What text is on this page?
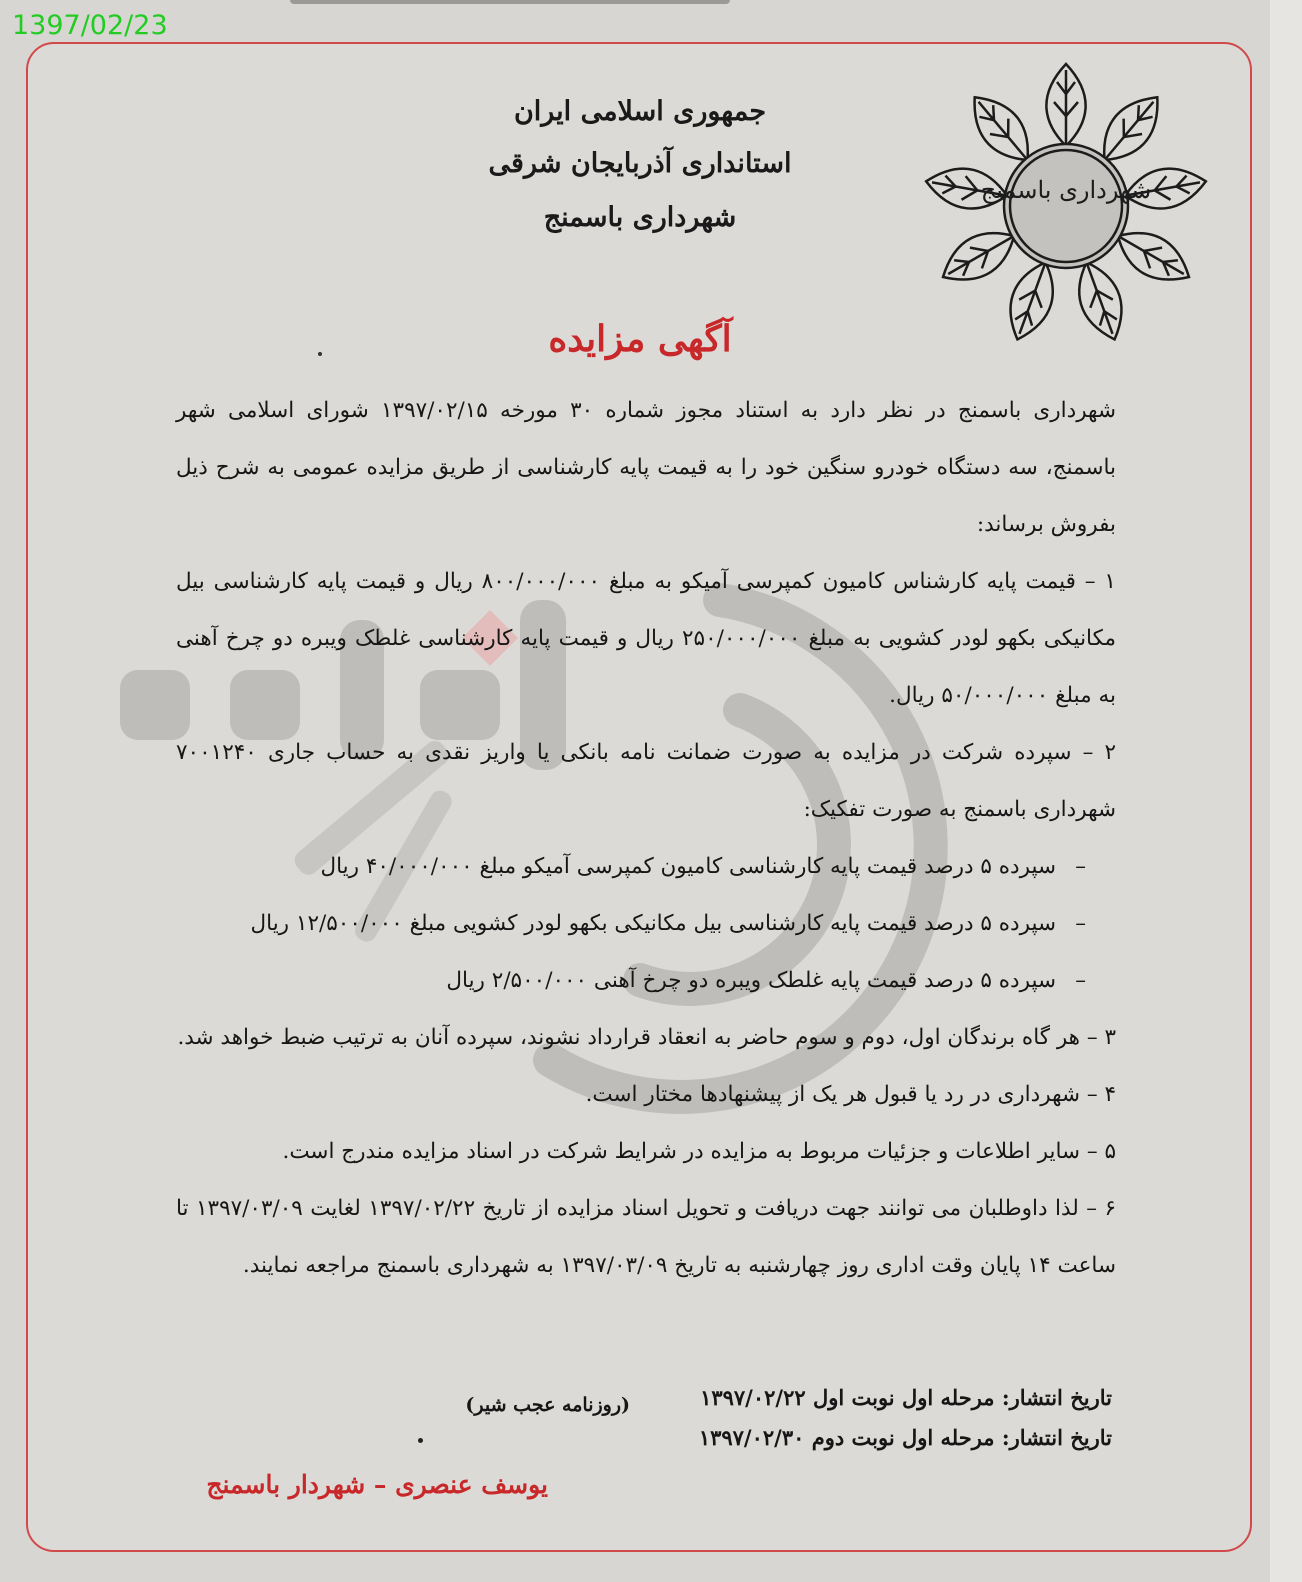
1397/02/23
شهرداری باسمنج
جمهوری اسلامی ایران
استانداری آذربایجان شرقی
شهرداری باسمنج
آگهی مزایده

شهرداری باسمنج در نظر دارد به استناد مجوز شماره ۳۰ مورخه ۱۳۹۷/۰۲/۱۵ شورای اسلامی شهر باسمنج، سه دستگاه خودرو سنگین خود را به قیمت پایه کارشناسی از طریق مزایده عمومی به شرح ذیل بفروش برساند:

۱ – قیمت پایه کارشناس کامیون کمپرسی آمیکو به مبلغ ۸۰۰/۰۰۰/۰۰۰ ریال و قیمت پایه کارشناسی بیل مکانیکی بکهو لودر کشویی به مبلغ ۲۵۰/۰۰۰/۰۰۰ ریال و قیمت پایه کارشناسی غلطک ویبره دو چرخ آهنی به مبلغ ۵۰/۰۰۰/۰۰۰ ریال.

۲ – سپرده شرکت در مزایده به صورت ضمانت نامه بانکی یا واریز نقدی به حساب جاری ۷۰۰۱۲۴۰ شهرداری باسمنج به صورت تفکیک:

– سپرده ۵ درصد قیمت پایه کارشناسی کامیون کمپرسی آمیکو مبلغ ۴۰/۰۰۰/۰۰۰ ریال
– سپرده ۵ درصد قیمت پایه کارشناسی بیل مکانیکی بکهو لودر کشویی مبلغ ۱۲/۵۰۰/۰۰۰ ریال
– سپرده ۵ درصد قیمت پایه غلطک ویبره دو چرخ آهنی ۲/۵۰۰/۰۰۰ ریال

۳ – هر گاه برندگان اول، دوم و سوم حاضر به انعقاد قرارداد نشوند، سپرده آنان به ترتیب ضبط خواهد شد.

۴ – شهرداری در رد یا قبول هر یک از پیشنهادها مختار است.

۵ – سایر اطلاعات و جزئیات مربوط به مزایده در شرایط شرکت در اسناد مزایده مندرج است.

۶ – لذا داوطلبان می توانند جهت دریافت و تحویل اسناد مزایده از تاریخ ۱۳۹۷/۰۲/۲۲ لغایت ۱۳۹۷/۰۳/۰۹ تا ساعت ۱۴ پایان وقت اداری روز چهارشنبه به تاریخ ۱۳۹۷/۰۳/۰۹ به شهرداری باسمنج مراجعه نمایند.

تاریخ انتشار: مرحله اول نوبت اول ۱۳۹۷/۰۲/۲۲
تاریخ انتشار: مرحله اول نوبت دوم ۱۳۹۷/۰۲/۳۰
(روزنامه عجب شیر)
یوسف عنصری – شهردار باسمنج
